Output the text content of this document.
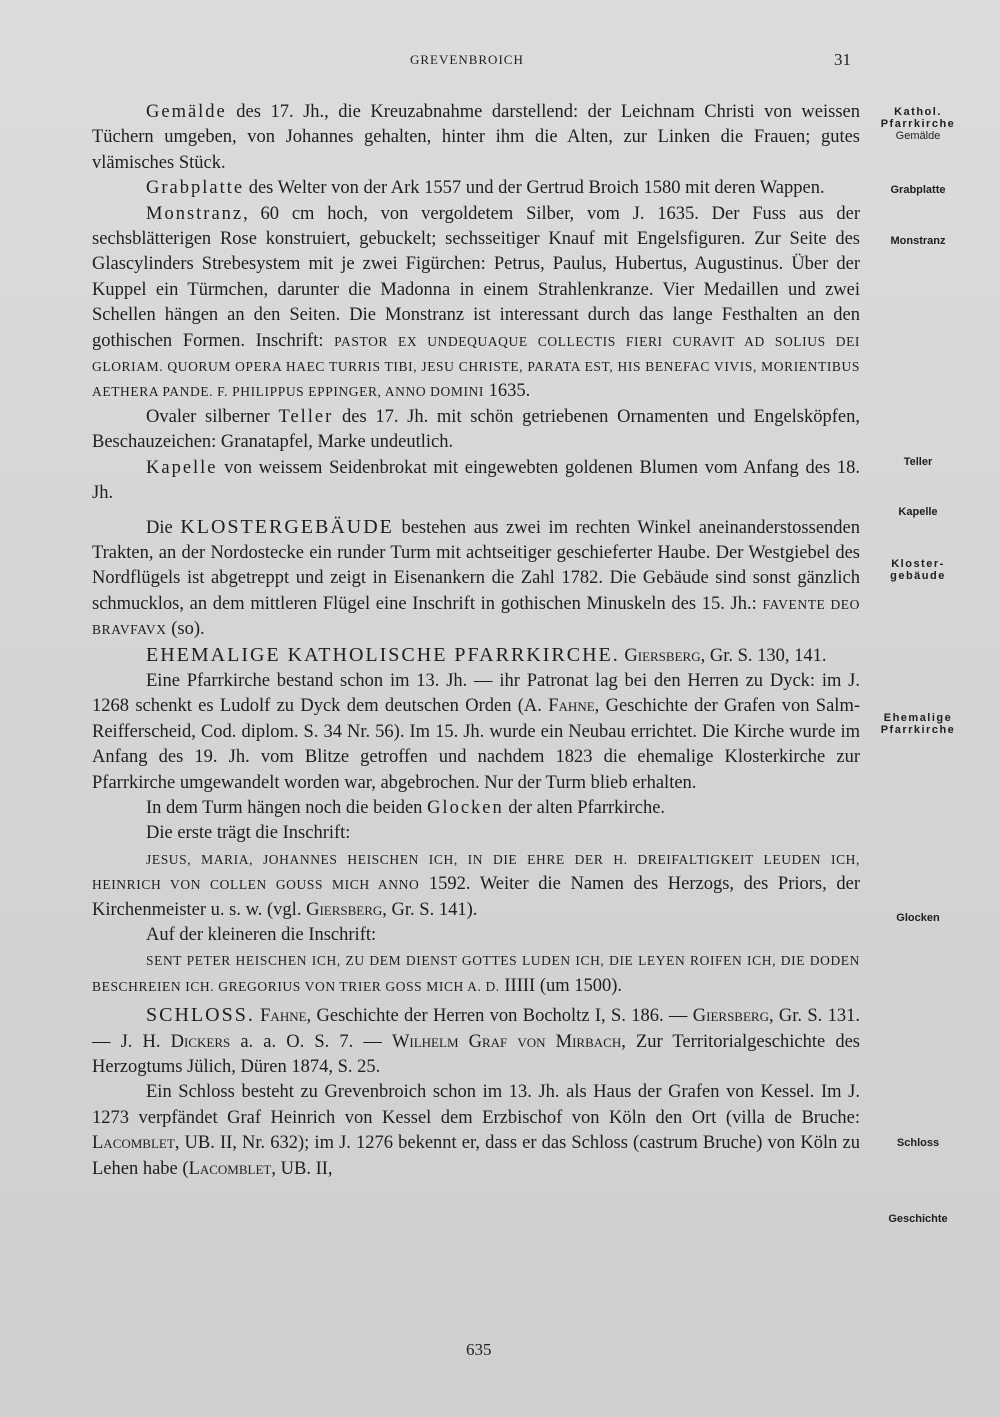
GREVENBROICH	31
Kathol.
Pfarrkirche
Gemälde
Grabplatte
Monstranz
Teller
Kapelle
Kloster-
gebäude
Ehemalige
Pfarrkirche
Glocken
Schloss
Geschichte

Gemälde des 17. Jh., die Kreuzabnahme darstellend: der Leichnam Christi von weissen Tüchern umgeben, von Johannes gehalten, hinter ihm die Alten, zur Linken die Frauen; gutes vlämisches Stück.

Grabplatte des Welter von der Ark 1557 und der Gertrud Broich 1580 mit deren Wappen.

Monstranz, 60 cm hoch, von vergoldetem Silber, vom J. 1635. Der Fuss aus der sechsblätterigen Rose konstruiert, gebuckelt; sechsseitiger Knauf mit Engelsfiguren. Zur Seite des Glascylinders Strebesystem mit je zwei Figürchen: Petrus, Paulus, Hubertus, Augustinus. Über der Kuppel ein Türmchen, darunter die Madonna in einem Strahlenkranze. Vier Medaillen und zwei Schellen hängen an den Seiten. Die Monstranz ist interessant durch das lange Festhalten an den gothischen Formen. Inschrift: PASTOR EX UNDEQUAQUE COLLECTIS FIERI CURAVIT AD SOLIUS DEI GLORIAM. QUORUM OPERA HAEC TURRIS TIBI, JESU CHRISTE, PARATA EST, HIS BENEFAC VIVIS, MORIENTIBUS AETHERA PANDE. F. PHILIPPUS EPPINGER, ANNO DOMINI 1635.

Ovaler silberner Teller des 17. Jh. mit schön getriebenen Ornamenten und Engelsköpfen, Beschauzeichen: Granatapfel, Marke undeutlich.

Kapelle von weissem Seidenbrokat mit eingewebten goldenen Blumen vom Anfang des 18. Jh.

Die KLOSTERGEBÄUDE bestehen aus zwei im rechten Winkel aneinanderstossenden Trakten, an der Nordostecke ein runder Turm mit achtseitiger geschieferter Haube. Der Westgiebel des Nordflügels ist abgetreppt und zeigt in Eisenankern die Zahl 1782. Die Gebäude sind sonst gänzlich schmucklos, an dem mittleren Flügel eine Inschrift in gothischen Minuskeln des 15. Jh.: FAVENTE DEO BRAVFAVX (so).

EHEMALIGE KATHOLISCHE PFARRKIRCHE. Giersberg, Gr. S. 130, 141.

Eine Pfarrkirche bestand schon im 13. Jh. — ihr Patronat lag bei den Herren zu Dyck: im J. 1268 schenkt es Ludolf zu Dyck dem deutschen Orden (A. Fahne, Geschichte der Grafen von Salm-Reifferscheid, Cod. diplom. S. 34 Nr. 56). Im 15. Jh. wurde ein Neubau errichtet. Die Kirche wurde im Anfang des 19. Jh. vom Blitze getroffen und nachdem 1823 die ehemalige Klosterkirche zur Pfarrkirche umgewandelt worden war, abgebrochen. Nur der Turm blieb erhalten.

In dem Turm hängen noch die beiden Glocken der alten Pfarrkirche.

Die erste trägt die Inschrift:

JESUS, MARIA, JOHANNES HEISCHEN ICH, IN DIE EHRE DER H. DREIFALTIGKEIT LEUDEN ICH, HEINRICH VON COLLEN GOUSS MICH ANNO 1592. Weiter die Namen des Herzogs, des Priors, der Kirchenmeister u. s. w. (vgl. Giersberg, Gr. S. 141).

Auf der kleineren die Inschrift:

SENT PETER HEISCHEN ICH, ZU DEM DIENST GOTTES LUDEN ICH, DIE LEYEN ROIFEN ICH, DIE DODEN BESCHREIEN ICH. GREGORIUS VON TRIER GOSS MICH A. D. IIIII (um 1500).

SCHLOSS. Fahne, Geschichte der Herren von Bocholtz I, S. 186. — Giersberg, Gr. S. 131. — J. H. Dickers a. a. O. S. 7. — Wilhelm Graf von Mirbach, Zur Territorialgeschichte des Herzogtums Jülich, Düren 1874, S. 25.

Ein Schloss besteht zu Grevenbroich schon im 13. Jh. als Haus der Grafen von Kessel. Im J. 1273 verpfändet Graf Heinrich von Kessel dem Erzbischof von Köln den Ort (villa de Bruche: Lacomblet, UB. II, Nr. 632); im J. 1276 bekennt er, dass er das Schloss (castrum Bruche) von Köln zu Lehen habe (Lacomblet, UB. II,

635
